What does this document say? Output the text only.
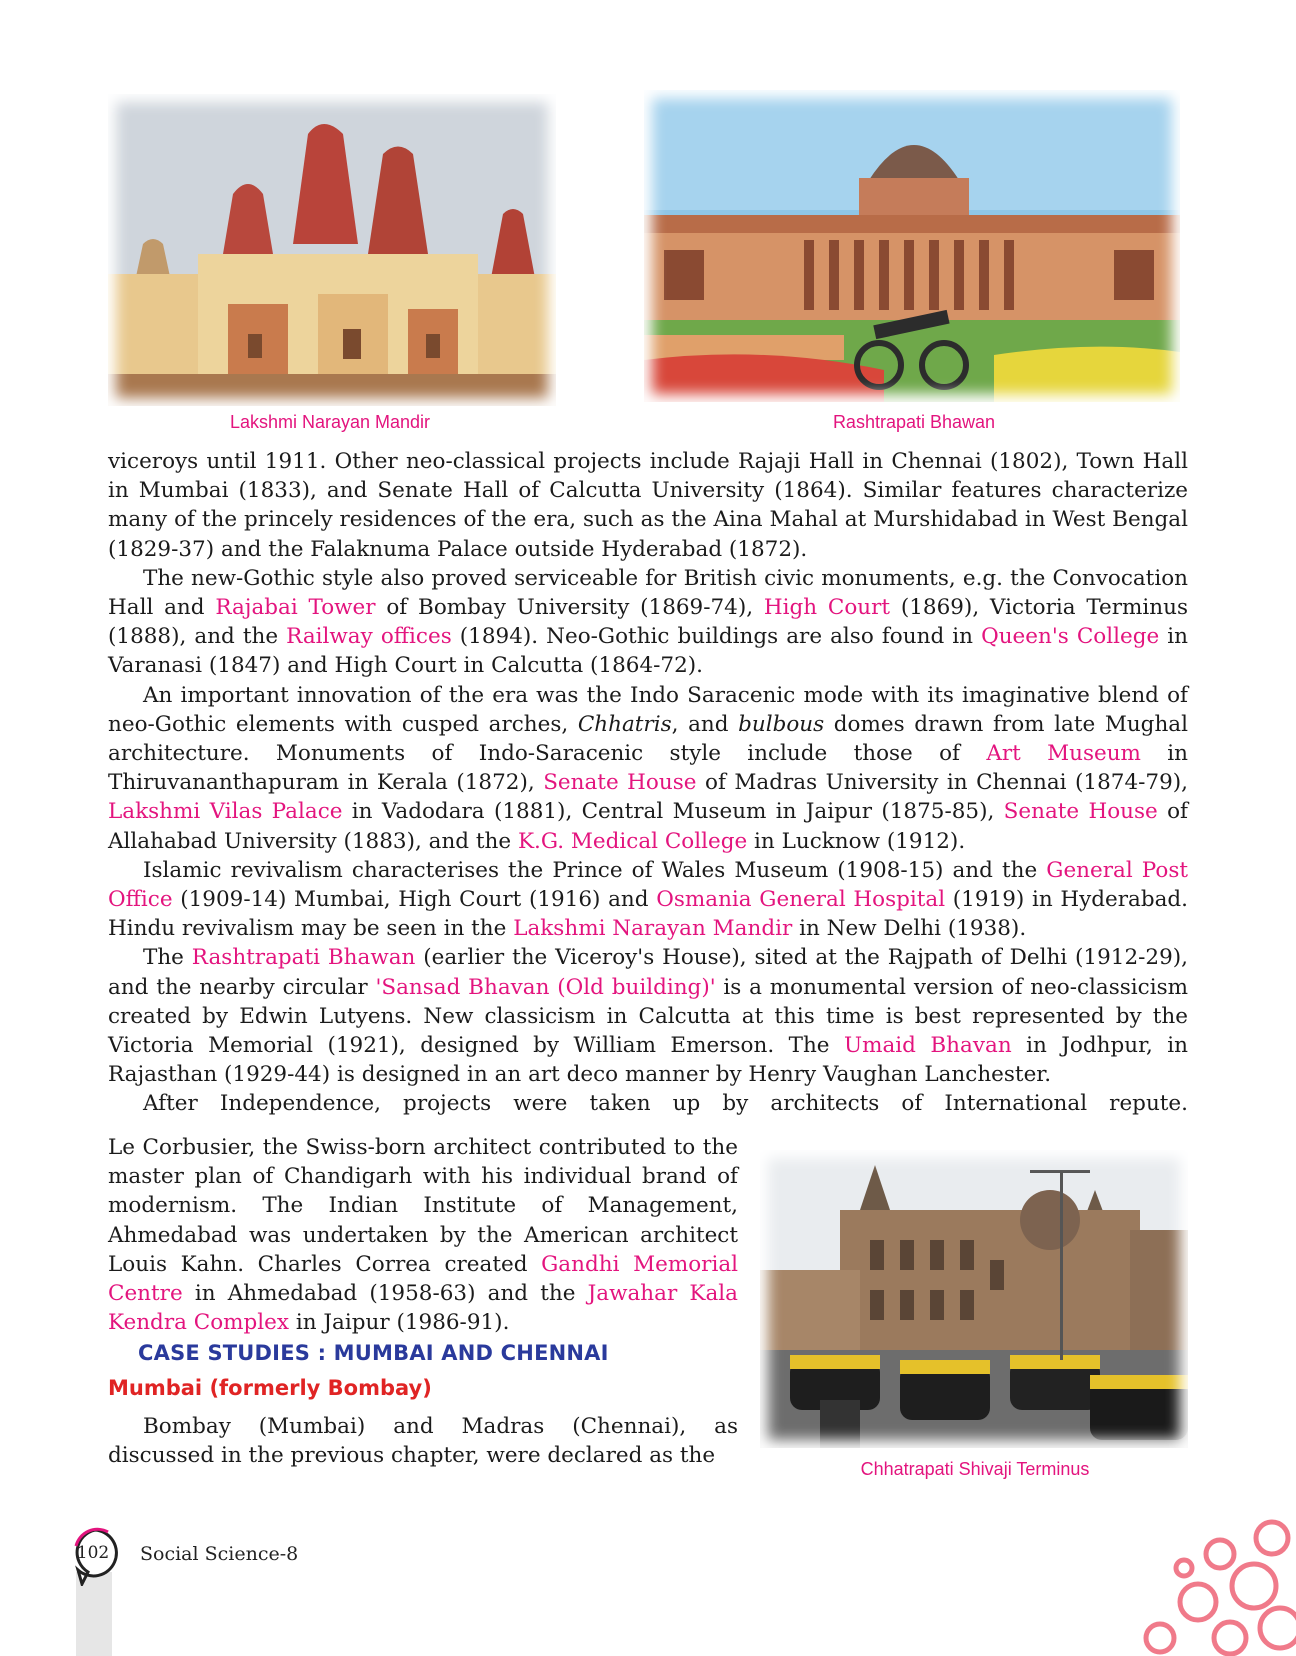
Lakshmi Narayan Mandir	Rashtrapati Bhawan

viceroys until 1911. Other neo-classical projects include Rajaji Hall in Chennai (1802), Town Hall in Mumbai (1833), and Senate Hall of Calcutta University (1864). Similar features characterize many of the princely residences of the era, such as the Aina Mahal at Murshidabad in West Bengal (1829-37) and the Falaknuma Palace outside Hyderabad (1872).

The new-Gothic style also proved serviceable for British civic monuments, e.g. the Convocation Hall and Rajabai Tower of Bombay University (1869-74), High Court (1869), Victoria Terminus (1888), and the Railway offices (1894). Neo-Gothic buildings are also found in Queen's College in Varanasi (1847) and High Court in Calcutta (1864-72).

An important innovation of the era was the Indo Saracenic mode with its imaginative blend of neo-Gothic elements with cusped arches, Chhatris, and bulbous domes drawn from late Mughal architecture. Monuments of Indo-Saracenic style include those of Art Museum in Thiruvananthapuram in Kerala (1872), Senate House of Madras University in Chennai (1874-79), Lakshmi Vilas Palace in Vadodara (1881), Central Museum in Jaipur (1875-85), Senate House of Allahabad University (1883), and the K.G. Medical College in Lucknow (1912).

Islamic revivalism characterises the Prince of Wales Museum (1908-15) and the General Post Office (1909-14) Mumbai, High Court (1916) and Osmania General Hospital (1919) in Hyderabad. Hindu revivalism may be seen in the Lakshmi Narayan Mandir in New Delhi (1938).

The Rashtrapati Bhawan (earlier the Viceroy's House), sited at the Rajpath of Delhi (1912-29), and the nearby circular 'Sansad Bhavan (Old building)' is a monumental version of neo-classicism created by Edwin Lutyens. New classicism in Calcutta at this time is best represented by the Victoria Memorial (1921), designed by William Emerson. The Umaid Bhavan in Jodhpur, in Rajasthan (1929-44) is designed in an art deco manner by Henry Vaughan Lanchester.

After Independence, projects were taken up by architects of International repute.

Le Corbusier, the Swiss-born architect contributed to the master plan of Chandigarh with his individual brand of modernism. The Indian Institute of Management, Ahmedabad was undertaken by the American architect Louis Kahn. Charles Correa created Gandhi Memorial Centre in Ahmedabad (1958-63) and the Jawahar Kala Kendra Complex in Jaipur (1986-91).

CASE STUDIES : MUMBAI AND CHENNAI
Mumbai (formerly Bombay)

Bombay (Mumbai) and Madras (Chennai), as discussed in the previous chapter, were declared as the

Chhatrapati Shivaji Terminus
102 Social Science-8
